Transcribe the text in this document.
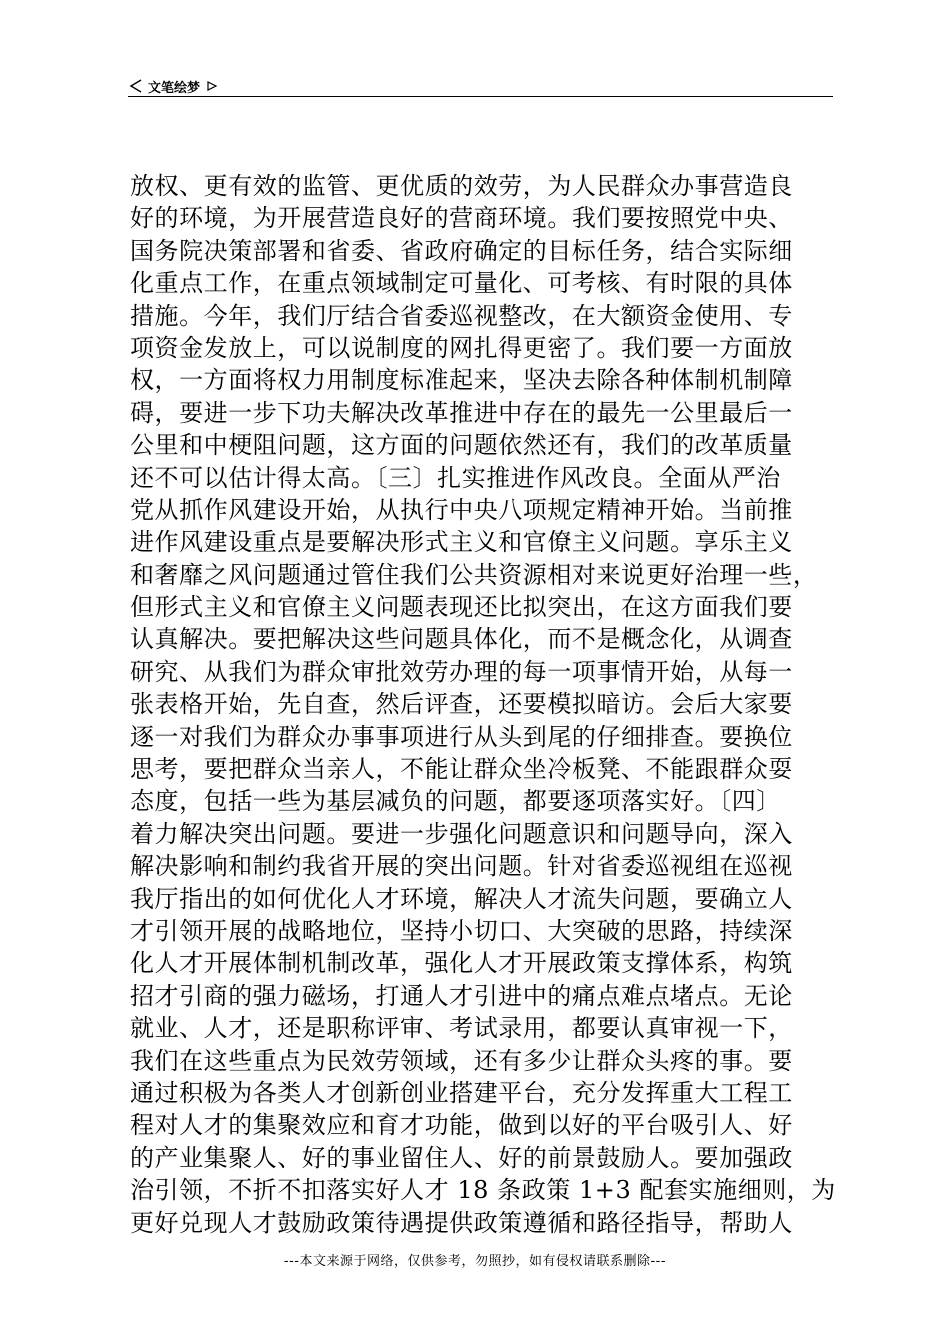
文笔绘梦
放权、更有效的监管、更优质的效劳，为人民群众办事营造良
好的环境，为开展营造良好的营商环境。我们要按照党中央、
国务院决策部署和省委、省政府确定的目标任务，结合实际细
化重点工作，在重点领域制定可量化、可考核、有时限的具体
措施。今年，我们厅结合省委巡视整改，在大额资金使用、专
项资金发放上，可以说制度的网扎得更密了。我们要一方面放
权，一方面将权力用制度标准起来，坚决去除各种体制机制障
碍，要进一步下功夫解决改革推进中存在的最先一公里最后一
公里和中梗阻问题，这方面的问题依然还有，我们的改革质量
还不可以估计得太高。〔三〕扎实推进作风改良。全面从严治
党从抓作风建设开始，从执行中央八项规定精神开始。当前推
进作风建设重点是要解决形式主义和官僚主义问题。享乐主义
和奢靡之风问题通过管住我们公共资源相对来说更好治理一些，
但形式主义和官僚主义问题表现还比拟突出，在这方面我们要
认真解决。要把解决这些问题具体化，而不是概念化，从调查
研究、从我们为群众审批效劳办理的每一项事情开始，从每一
张表格开始，先自查，然后评查，还要模拟暗访。会后大家要
逐一对我们为群众办事事项进行从头到尾的仔细排查。要换位
思考，要把群众当亲人，不能让群众坐冷板凳、不能跟群众耍
态度，包括一些为基层减负的问题，都要逐项落实好。〔四〕
着力解决突出问题。要进一步强化问题意识和问题导向，深入
解决影响和制约我省开展的突出问题。针对省委巡视组在巡视
我厅指出的如何优化人才环境，解决人才流失问题，要确立人
才引领开展的战略地位，坚持小切口、大突破的思路，持续深
化人才开展体制机制改革，强化人才开展政策支撑体系，构筑
招才引商的强力磁场，打通人才引进中的痛点难点堵点。无论
就业、人才，还是职称评审、考试录用，都要认真审视一下，
我们在这些重点为民效劳领域，还有多少让群众头疼的事。要
通过积极为各类人才创新创业搭建平台，充分发挥重大工程工
程对人才的集聚效应和育才功能，做到以好的平台吸引人、好
的产业集聚人、好的事业留住人、好的前景鼓励人。要加强政
治引领，不折不扣落实好人才 18 条政策 1+3 配套实施细则，为
更好兑现人才鼓励政策待遇提供政策遵循和路径指导，帮助人
---本文来源于网络，仅供参考，勿照抄，如有侵权请联系删除---
